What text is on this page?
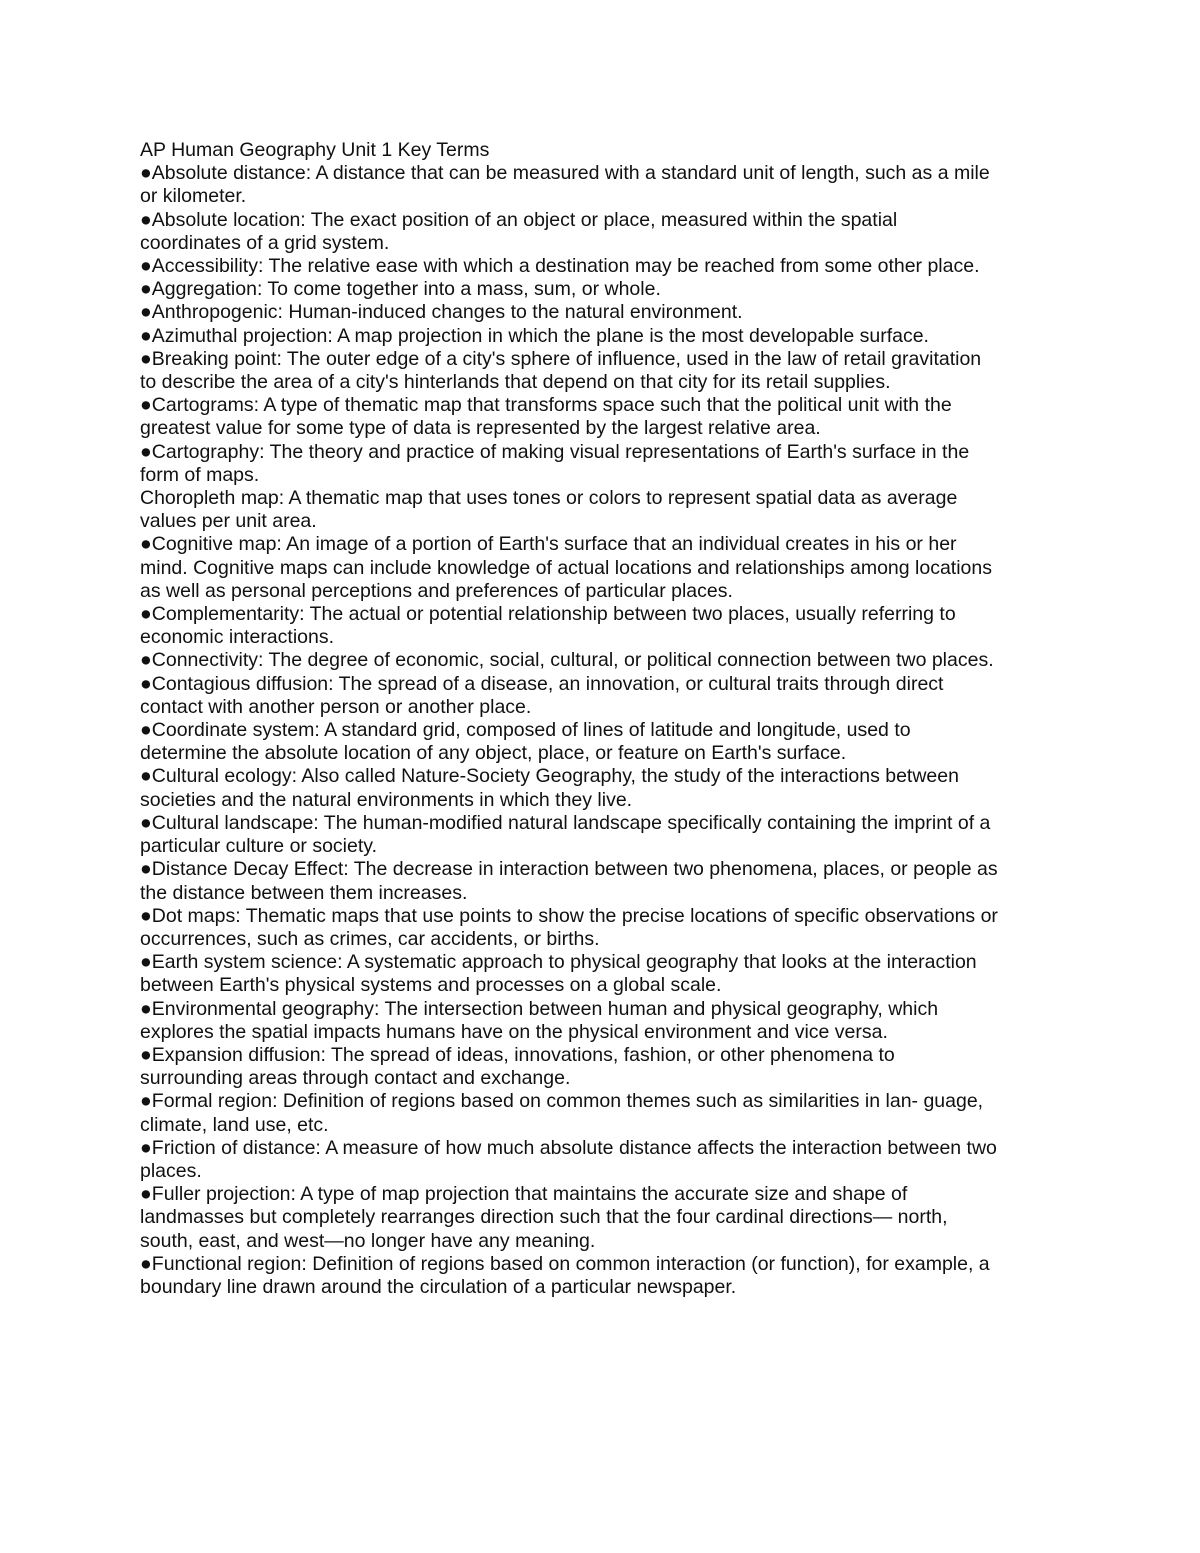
AP Human Geography Unit 1 Key Terms
●Absolute distance: A distance that can be measured with a standard unit of length, such as a mile or kilometer.
●Absolute location: The exact position of an object or place, measured within the spatial coordinates of a grid system.
●Accessibility: The relative ease with which a destination may be reached from some other place.
●Aggregation: To come together into a mass, sum, or whole.
●Anthropogenic: Human-induced changes to the natural environment.
●Azimuthal projection: A map projection in which the plane is the most developable surface.
●Breaking point: The outer edge of a city's sphere of influence, used in the law of retail gravitation to describe the area of a city's hinterlands that depend on that city for its retail supplies.
●Cartograms: A type of thematic map that transforms space such that the political unit with the greatest value for some type of data is represented by the largest relative area.
●Cartography: The theory and practice of making visual representations of Earth's surface in the form of maps.
Choropleth map: A thematic map that uses tones or colors to represent spatial data as average values per unit area.
●Cognitive map: An image of a portion of Earth's surface that an individual creates in his or her mind. Cognitive maps can include knowledge of actual locations and relationships among locations as well as personal perceptions and preferences of particular places.
●Complementarity: The actual or potential relationship between two places, usually referring to economic interactions.
●Connectivity: The degree of economic, social, cultural, or political connection between two places.
●Contagious diffusion: The spread of a disease, an innovation, or cultural traits through direct contact with another person or another place.
●Coordinate system: A standard grid, composed of lines of latitude and longitude, used to determine the absolute location of any object, place, or feature on Earth's surface.
●Cultural ecology: Also called Nature-Society Geography, the study of the interactions between societies and the natural environments in which they live.
●Cultural landscape: The human-modified natural landscape specifically containing the imprint of a particular culture or society.
●Distance Decay Effect: The decrease in interaction between two phenomena, places, or people as the distance between them increases.
●Dot maps: Thematic maps that use points to show the precise locations of specific observations or occurrences, such as crimes, car accidents, or births.
●Earth system science: A systematic approach to physical geography that looks at the interaction between Earth's physical systems and processes on a global scale.
●Environmental geography: The intersection between human and physical geography, which explores the spatial impacts humans have on the physical environment and vice versa.
●Expansion diffusion: The spread of ideas, innovations, fashion, or other phenomena to surrounding areas through contact and exchange.
●Formal region: Definition of regions based on common themes such as similarities in lan- guage, climate, land use, etc.
●Friction of distance: A measure of how much absolute distance affects the interaction between two places.
●Fuller projection: A type of map projection that maintains the accurate size and shape of landmasses but completely rearranges direction such that the four cardinal directions— north, south, east, and west—no longer have any meaning.
●Functional region: Definition of regions based on common interaction (or function), for example, a boundary line drawn around the circulation of a particular newspaper.
